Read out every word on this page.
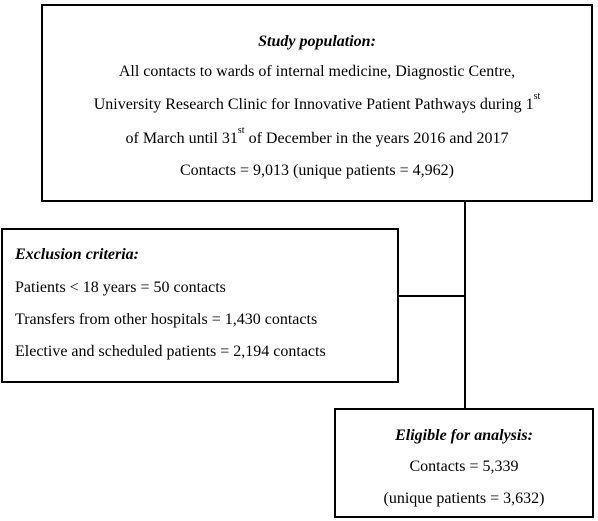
Study population:
All contacts to wards of internal medicine, Diagnostic Centre,
University Research Clinic for Innovative Patient Pathways during 1st
of March until 31st of December in the years 2016 and 2017
Contacts = 9,013 (unique patients = 4,962)
Exclusion criteria:
Patients < 18 years = 50 contacts
Transfers from other hospitals = 1,430 contacts
Elective and scheduled patients = 2,194 contacts
Eligible for analysis:
Contacts = 5,339
(unique patients = 3,632)
